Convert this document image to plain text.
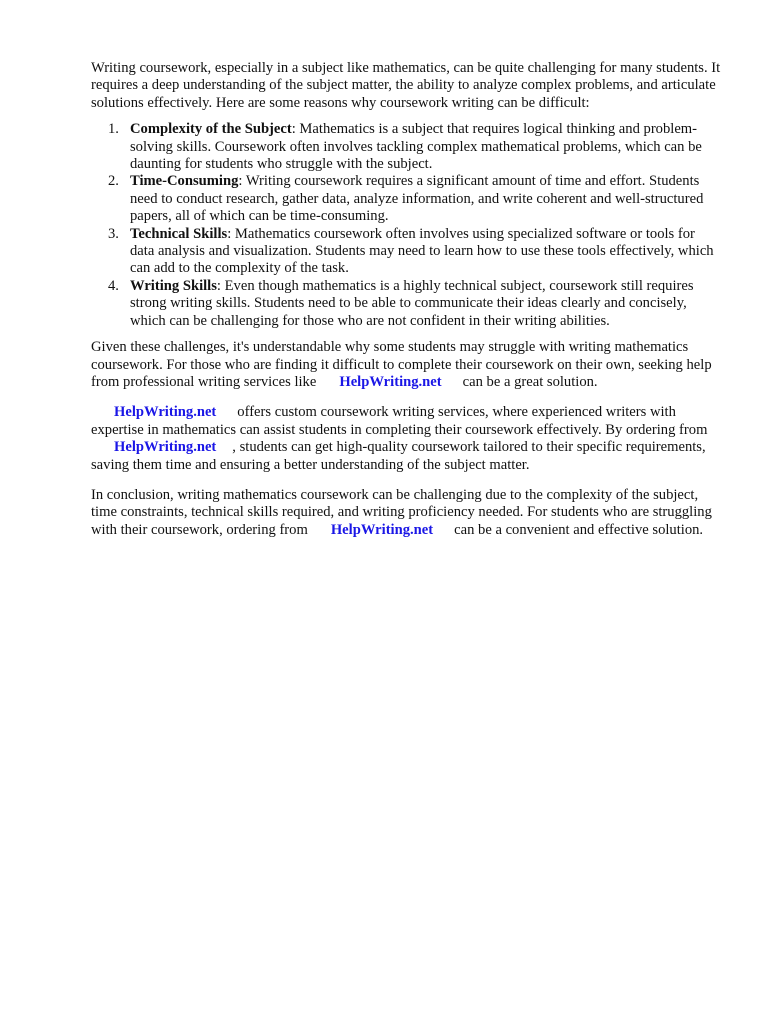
Writing coursework, especially in a subject like mathematics, can be quite challenging for many students. It requires a deep understanding of the subject matter, the ability to analyze complex problems, and articulate solutions effectively. Here are some reasons why coursework writing can be difficult:

1. Complexity of the Subject: Mathematics is a subject that requires logical thinking and problem-solving skills. Coursework often involves tackling complex mathematical problems, which can be daunting for students who struggle with the subject.
2. Time-Consuming: Writing coursework requires a significant amount of time and effort. Students need to conduct research, gather data, analyze information, and write coherent and well-structured papers, all of which can be time-consuming.
3. Technical Skills: Mathematics coursework often involves using specialized software or tools for data analysis and visualization. Students may need to learn how to use these tools effectively, which can add to the complexity of the task.
4. Writing Skills: Even though mathematics is a highly technical subject, coursework still requires strong writing skills. Students need to be able to communicate their ideas clearly and concisely, which can be challenging for those who are not confident in their writing abilities.

Given these challenges, it's understandable why some students may struggle with writing mathematics coursework. For those who are finding it difficult to complete their coursework on their own, seeking help from professional writing services like HelpWriting.net can be a great solution.

HelpWriting.net offers custom coursework writing services, where experienced writers with expertise in mathematics can assist students in completing their coursework effectively. By ordering fromHelpWriting.net , students can get high-quality coursework tailored to their specific requirements, saving them time and ensuring a better understanding of the subject matter.

In conclusion, writing mathematics coursework can be challenging due to the complexity of the subject, time constraints, technical skills required, and writing proficiency needed. For students who are struggling with their coursework, ordering from HelpWriting.net can be a convenient and effective solution.
